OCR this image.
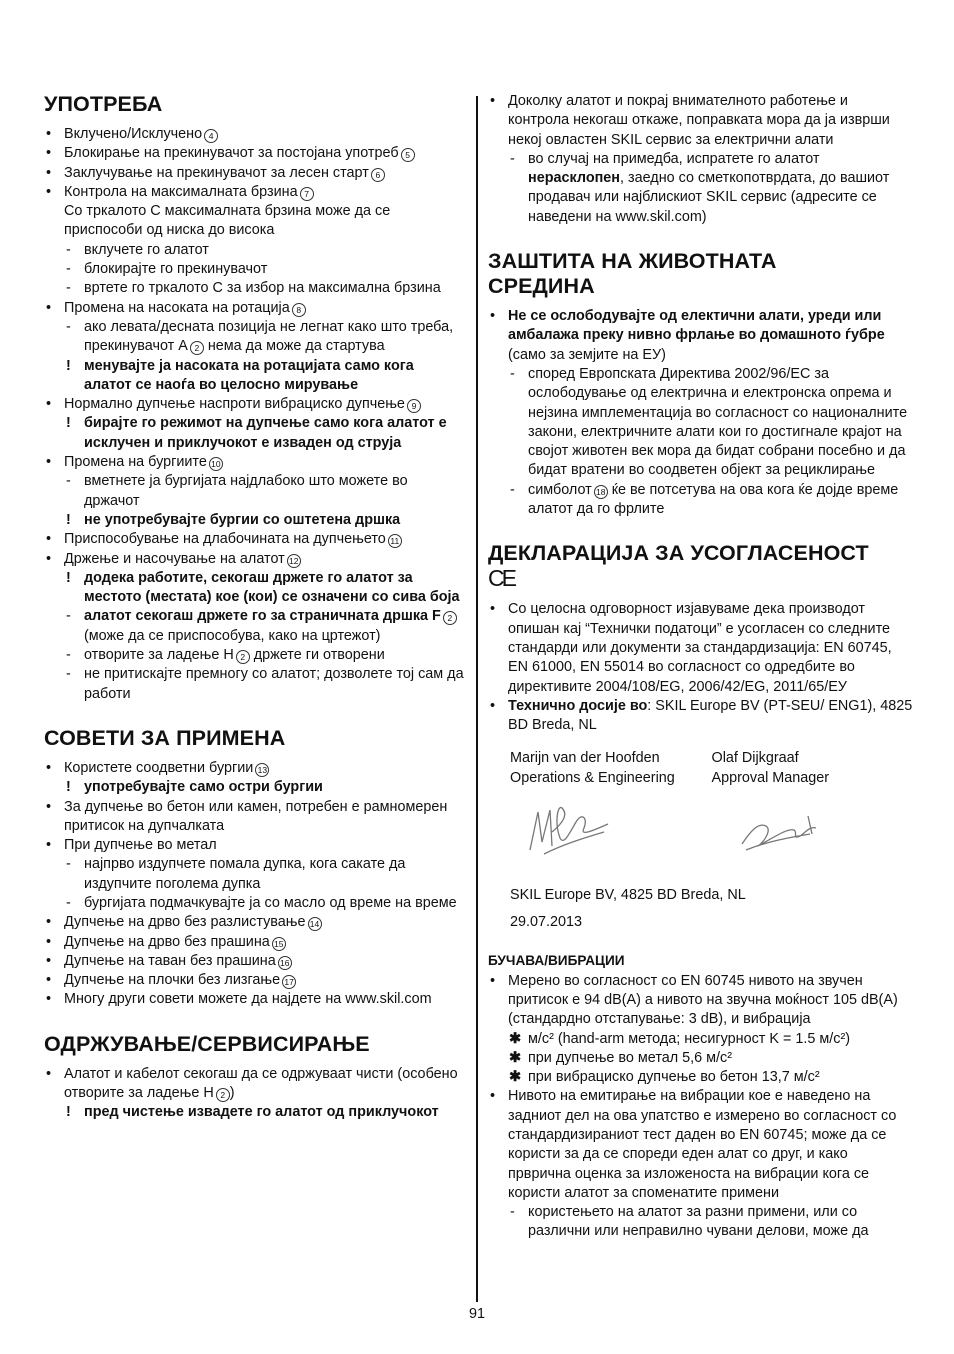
УПОТРЕБА
• Вклучено/Исклучено 4
• Блокирање на прекинувачот за постојана употреб 5
• Заклучување на прекинувачот за лесен старт 6
• Контрола на максималната брзина 7
Со тркалото C максималната брзина може да се приспособи од ниска до висока
- вклучете го алатот
- блокирајте го прекинувачот
- вртете го тркалото C за избор на максимална брзина
• Промена на насоката на ротација 8
- ако левата/десната позиција не легнат како што треба, прекинувачот A 2 нема да може да стартува
! менувајте ја насоката на ротацијата само кога алатот се наоѓа во целосно мирување
• Нормално дупчење наспроти вибрациско дупчење 9
! бирајте го режимот на дупчење само кога алатот е исклучен и приклучокот е изваден од струја
• Промена на бургиите 10
- вметнете ја бургијата најдлабоко што можете во држачот
! не употребувајте бургии со оштетена дршка
• Приспособување на длабочината на дупчењето 11
• Држење и насочување на алатот 12
! додека работите, секогаш држете го алатот за местото (местата) кое (кои) се означени со сива боја
- алатот секогаш држете го за страничната дршка F 2 (може да се приспособува, како на цртежот)
- отворите за ладење H 2 држете ги отворени
- не притискајте премногу со алатот; дозволете тој сам да работи
СОВЕТИ ЗА ПРИМЕНА
• Користете соодветни бургии 13
! употребувајте само остри бургии
• За дупчење во бетон или камен, потребен е рамномерен притисок на дупчалката
• При дупчење во метал
- најпрво издупчете помала дупка, кога сакате да издупчите поголема дупка
- бургијата подмачкувајте ја со масло од време на време
• Дупчење на дрво без разлистување 14
• Дупчење на дрво без прашина 15
• Дупчење на таван без прашина 16
• Дупчење на плочки без лизгање 17
• Многу други совети можете да најдете на www.skil.com
ОДРЖУВАЊЕ/СЕРВИСИРАЊЕ
• Алатот и кабелот секогаш да се одржуваат чисти (особено отворите за ладење H 2 )
! пред чистење извадете го алатот од приклучокот
• Доколку алатот и покрај внимателното работење и контрола некогаш откаже, поправката мора да ја изврши некој овластен SKIL сервис за електрични алати
- во случај на примедба, испратете го алатот нерасклопен, заедно со сметкопотврдата, до вашиот продавач или најблискиот SKIL сервис (адресите се наведени на www.skil.com)
ЗАШТИТА НА ЖИВОТНАТА СРЕДИНА
• Не се ослободувајте од електични алати, уреди или амбалажа преку нивно фрлање во домашното ѓубре (само за земјите на ЕУ)
- според Европската Директива 2002/96/EC за ослободување од електрична и електронска опрема и нејзина имплементација во согласност со националните закони, електричните алати кои го достигнале крајот на својот животен век мора да бидат собрани посебно и да бидат вратени во соодветен објект за рециклирање
- симболот 18 ќе ве потсетува на ова кога ќе дојде време алатот да го фрлите
ДЕКЛАРАЦИЈА ЗА УСОГЛАСЕНОСТ
CE
• Со целосна одговорност изјавуваме дека производот опишан кај “Технички податоци” е усогласен со следните стандарди или документи за стандардизација: EN 60745, EN 61000, EN 55014 во согласност со одредбите во директивите 2004/108/EG, 2006/42/EG, 2011/65/ЕУ
• Технично досије во: SKIL Europe BV (PT-SEU/ ENG1), 4825 BD Breda, NL
Marijn van der Hoofden
Operations & Engineering
Olaf Dijkgraaf
Approval Manager
SKIL Europe BV, 4825 BD Breda, NL
29.07.2013
БУЧАВА/ВИБРАЦИИ
• Мерено во согласност со EN 60745 нивото на звучен притисок е 94 dB(A) а нивото на звучна моќност 105 dB(A) (стандардно отстапување: 3 dB), и вибрација
✱ м/с² (hand-arm метода; несигурност K = 1.5 м/с²)
✱ при дупчење во метал 5,6 м/с²
✱ при вибрациско дупчење во бетон 13,7 м/с²
• Нивото на емитирање на вибрации кое е наведено на задниот дел на ова упатство е измерено во согласност со стандардизираниот тест даден во EN 60745; може да се користи за да се спореди еден алат со друг, и како прврична оценка за изложеноста на вибрации кога се користи алатот за споменатите примени
- користењето на алатот за разни примени, или со различни или неправилно чувани делови, може да
91
